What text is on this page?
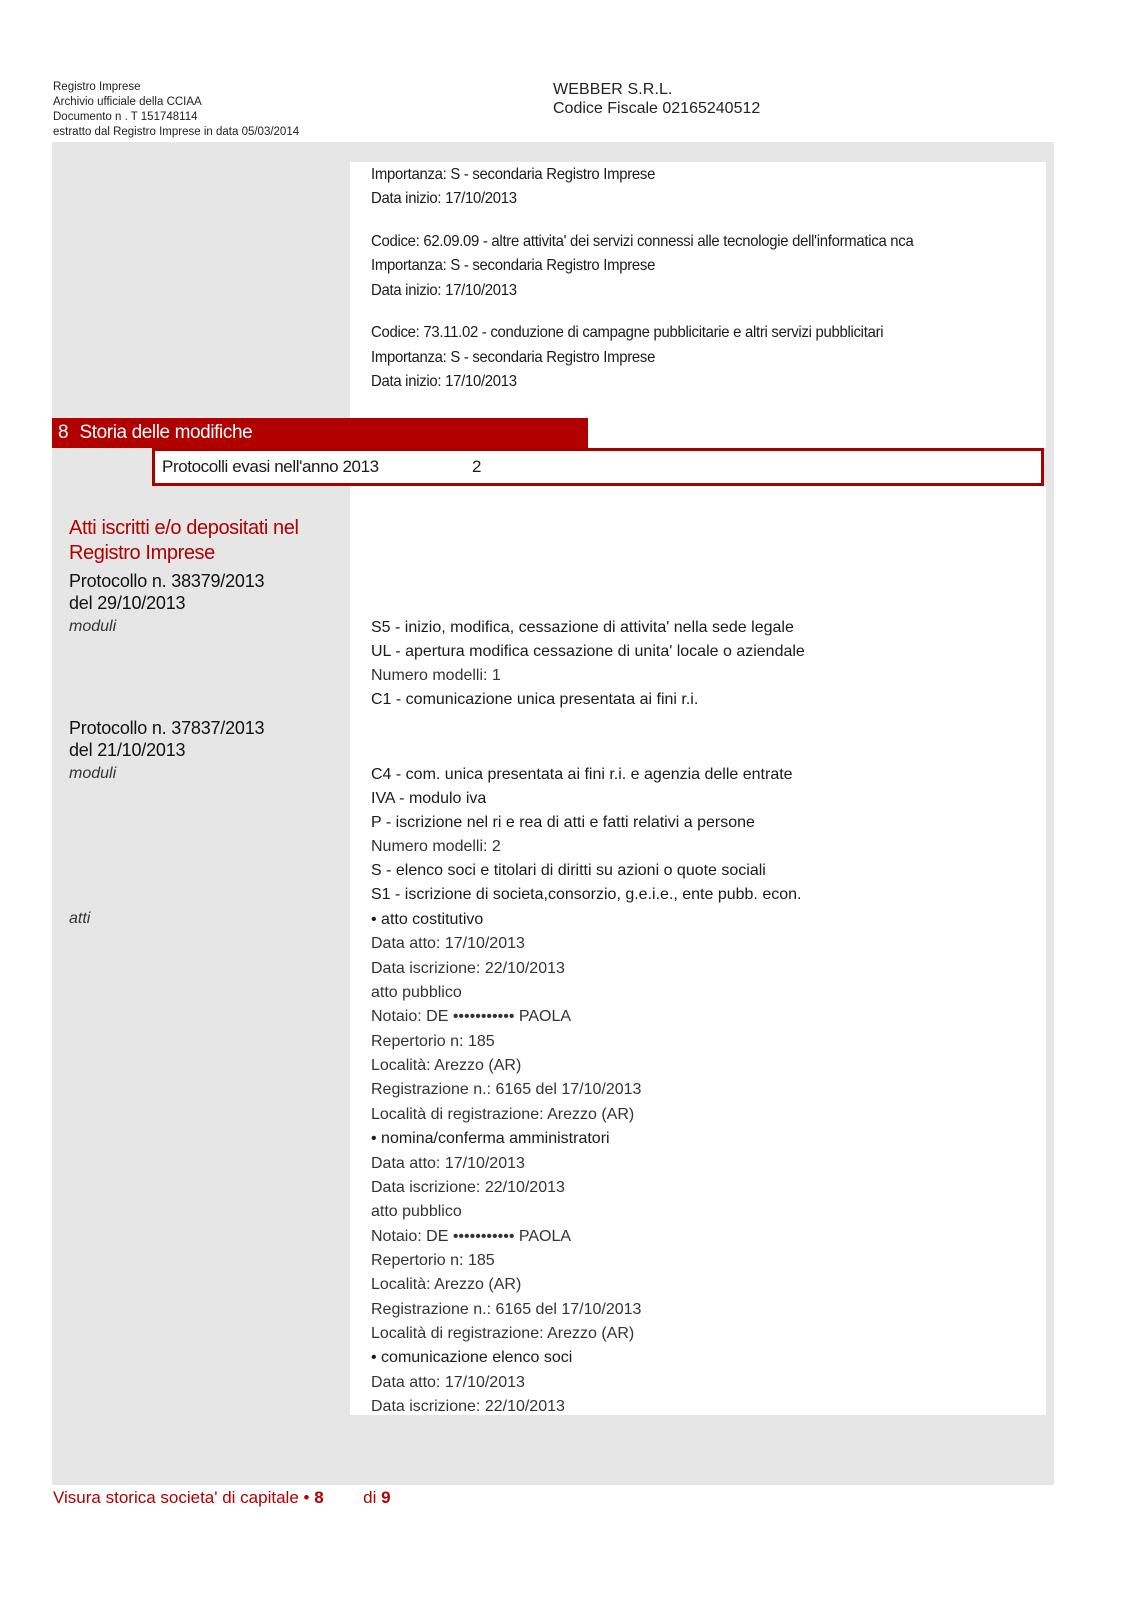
Registro Imprese
Archivio ufficiale della CCIAA
Documento n . T 151748114
estratto dal Registro Imprese in data 05/03/2014
WEBBER S.R.L.
Codice Fiscale 02165240512
Importanza: S - secondaria Registro Imprese
Data inizio: 17/10/2013
Codice: 62.09.09 - altre attivita' dei servizi connessi alle tecnologie dell'informatica nca
Importanza: S - secondaria Registro Imprese
Data inizio: 17/10/2013
Codice: 73.11.02 - conduzione di campagne pubblicitarie e altri servizi pubblicitari
Importanza: S - secondaria Registro Imprese
Data inizio: 17/10/2013
8 Storia delle modifiche
Protocolli evasi nell'anno 2013	2
Atti iscritti e/o depositati nel
Registro Imprese
Protocollo n. 38379/2013
del 29/10/2013
moduli	S5 - inizio, modifica, cessazione di attivita' nella sede legale
UL - apertura modifica cessazione di unita' locale o aziendale
Numero modelli: 1
C1 - comunicazione unica presentata ai fini r.i.
Protocollo n. 37837/2013
del 21/10/2013
moduli	C4 - com. unica presentata ai fini r.i. e agenzia delle entrate
IVA - modulo iva
P - iscrizione nel ri e rea di atti e fatti relativi a persone
Numero modelli: 2
S - elenco soci e titolari di diritti su azioni o quote sociali
S1 - iscrizione di societa,consorzio, g.e.i.e., ente pubb. econ.
atti	• atto costitutivo
Data atto: 17/10/2013
Data iscrizione: 22/10/2013
atto pubblico
Notaio: DE ••••••••••• PAOLA
Repertorio n: 185
Località: Arezzo (AR)
Registrazione n.: 6165 del 17/10/2013
Località di registrazione: Arezzo (AR)
• nomina/conferma amministratori
Data atto: 17/10/2013
Data iscrizione: 22/10/2013
atto pubblico
Notaio: DE ••••••••••• PAOLA
Repertorio n: 185
Località: Arezzo (AR)
Registrazione n.: 6165 del 17/10/2013
Località di registrazione: Arezzo (AR)
• comunicazione elenco soci
Data atto: 17/10/2013
Data iscrizione: 22/10/2013
Visura storica societa' di capitale • 8 di 9
